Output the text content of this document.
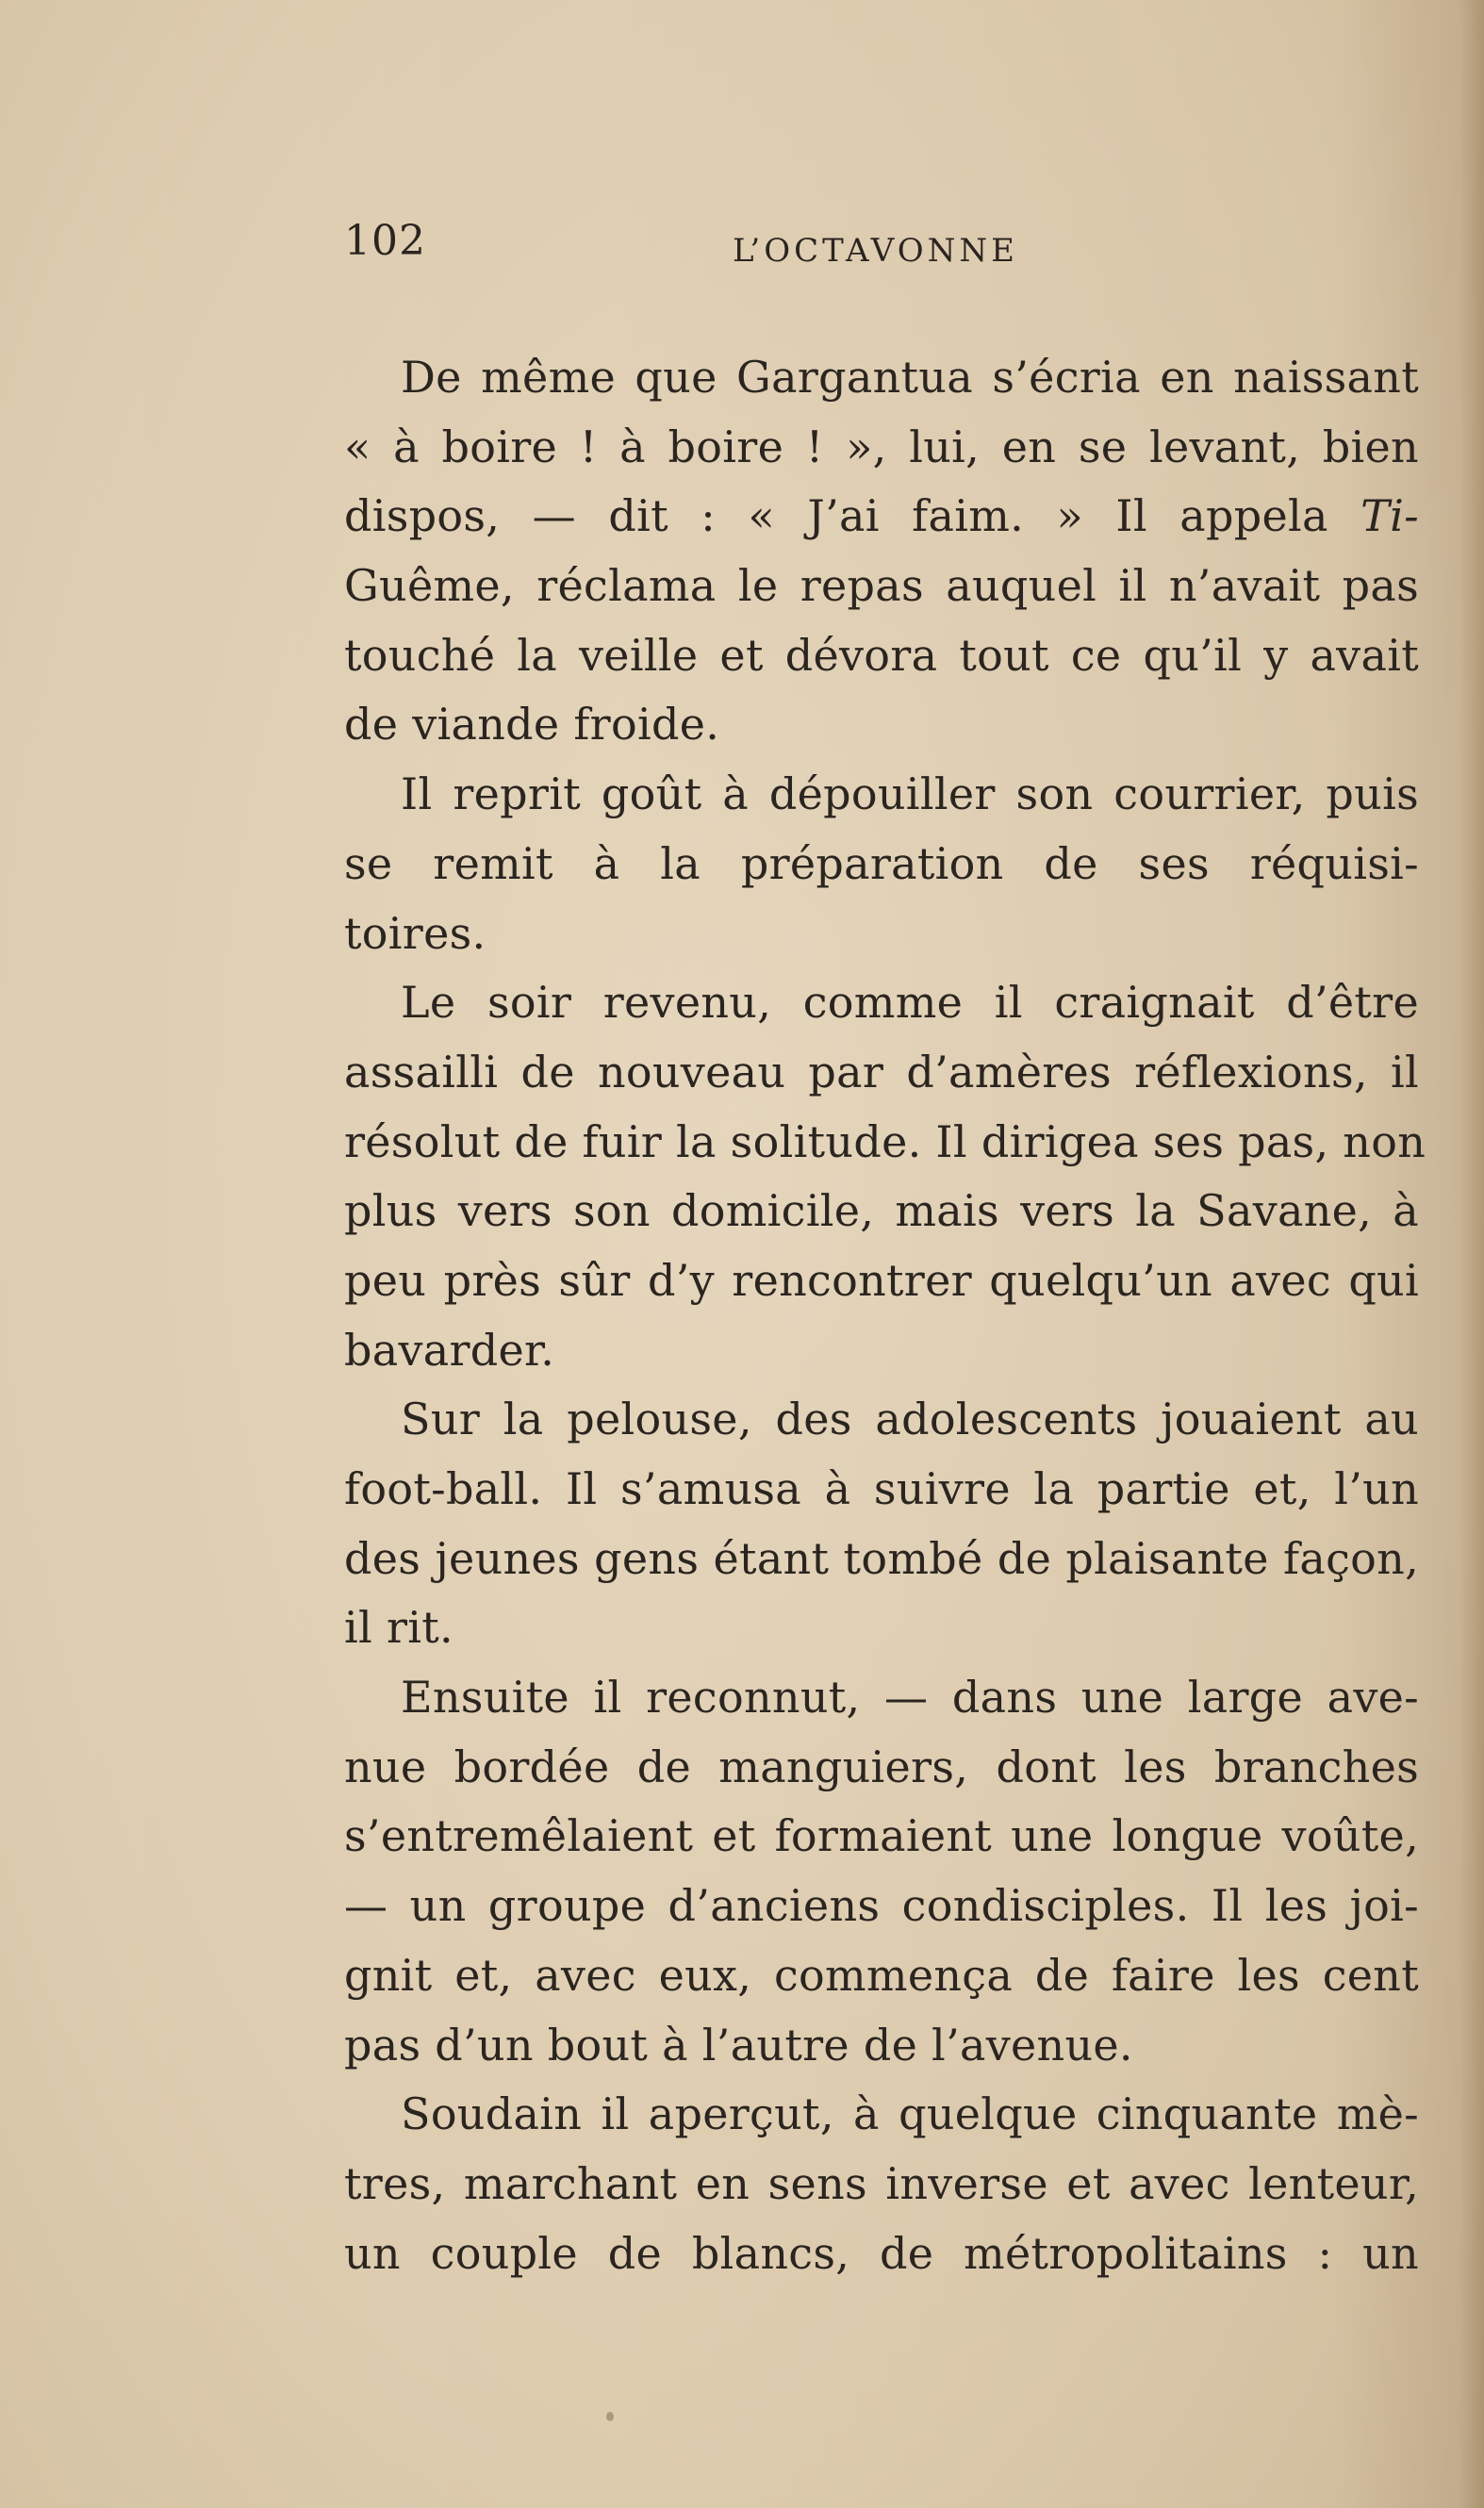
102	L’OCTAVONNE
De même que Gargantua s’écria en naissant
« à boire ! à boire ! », lui, en se levant, bien
dispos, — dit : « J’ai faim. » Il appela Ti-
Guême, réclama le repas auquel il n’avait pas
touché la veille et dévora tout ce qu’il y avait
de viande froide.
Il reprit goût à dépouiller son courrier, puis
se remit à la préparation de ses réquisi-
toires.
Le soir revenu, comme il craignait d’être
assailli de nouveau par d’amères réflexions, il
résolut de fuir la solitude. Il dirigea ses pas, non
plus vers son domicile, mais vers la Savane, à
peu près sûr d’y rencontrer quelqu’un avec qui
bavarder.
Sur la pelouse, des adolescents jouaient au
foot-ball. Il s’amusa à suivre la partie et, l’un
des jeunes gens étant tombé de plaisante façon,
il rit.
Ensuite il reconnut, — dans une large ave-
nue bordée de manguiers, dont les branches
s’entremêlaient et formaient une longue voûte,
— un groupe d’anciens condisciples. Il les joi-
gnit et, avec eux, commença de faire les cent
pas d’un bout à l’autre de l’avenue.
Soudain il aperçut, à quelque cinquante mè-
tres, marchant en sens inverse et avec lenteur,
un couple de blancs, de métropolitains : un
